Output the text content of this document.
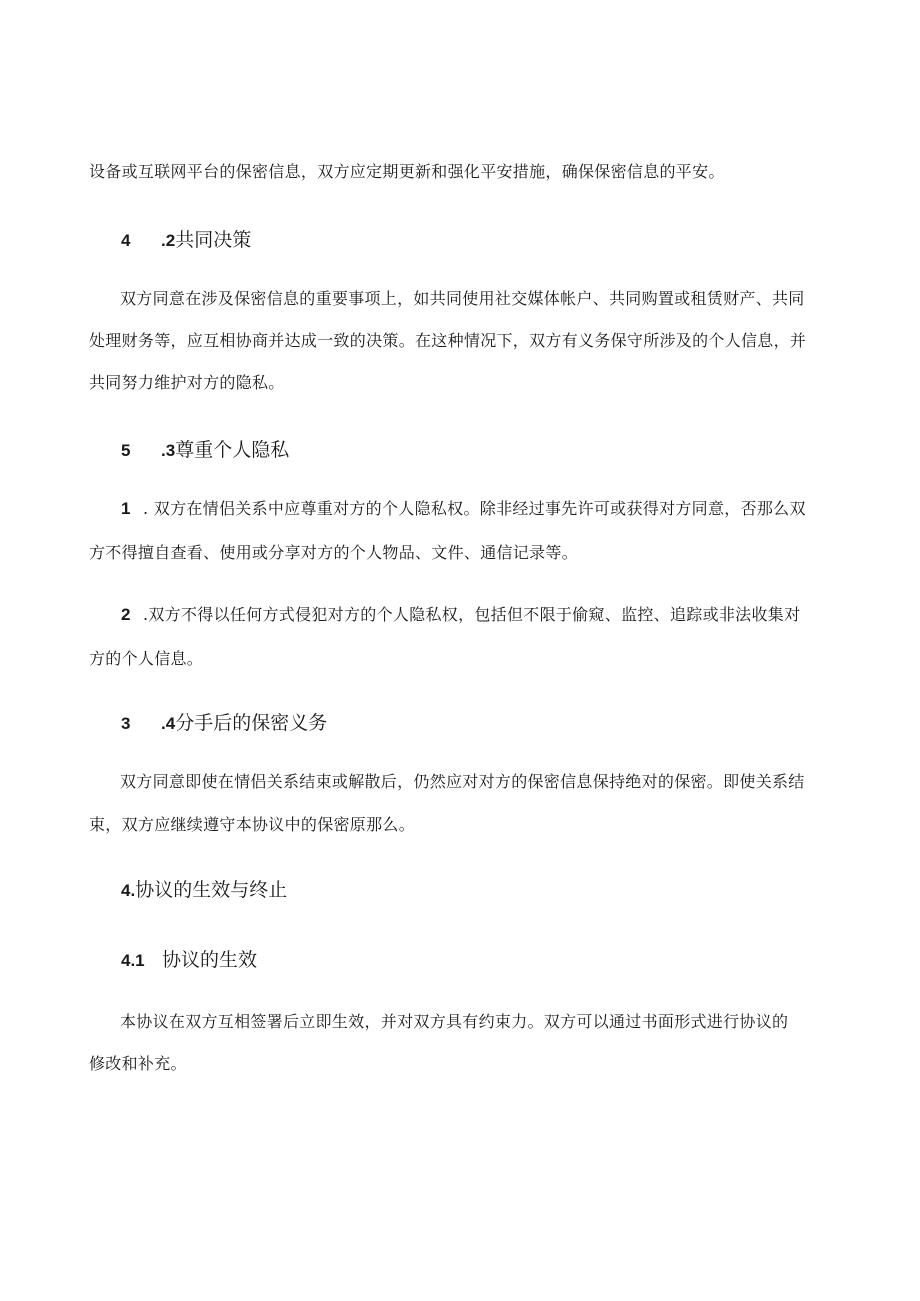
设备或互联网平台的保密信息，双方应定期更新和强化平安措施，确保保密信息的平安。
4 .2共同决策
双方同意在涉及保密信息的重要事项上，如共同使用社交媒体帐户、共同购置或租赁财产、共同
处理财务等，应互相协商并达成一致的决策。在这种情况下，双方有义务保守所涉及的个人信息，并
共同努力维护对方的隐私。
5 .3尊重个人隐私
1 . 双方在情侣关系中应尊重对方的个人隐私权。除非经过事先许可或获得对方同意，否那么双
方不得擅自查看、使用或分享对方的个人物品、文件、通信记录等。
2 .双方不得以任何方式侵犯对方的个人隐私权，包括但不限于偷窥、监控、追踪或非法收集对
方的个人信息。
3 .4分手后的保密义务
双方同意即使在情侣关系结束或解散后，仍然应对对方的保密信息保持绝对的保密。即使关系结
束，双方应继续遵守本协议中的保密原那么。
4.协议的生效与终止
4.1 协议的生效
本协议在双方互相签署后立即生效，并对双方具有约束力。双方可以通过书面形式进行协议的
修改和补充。
